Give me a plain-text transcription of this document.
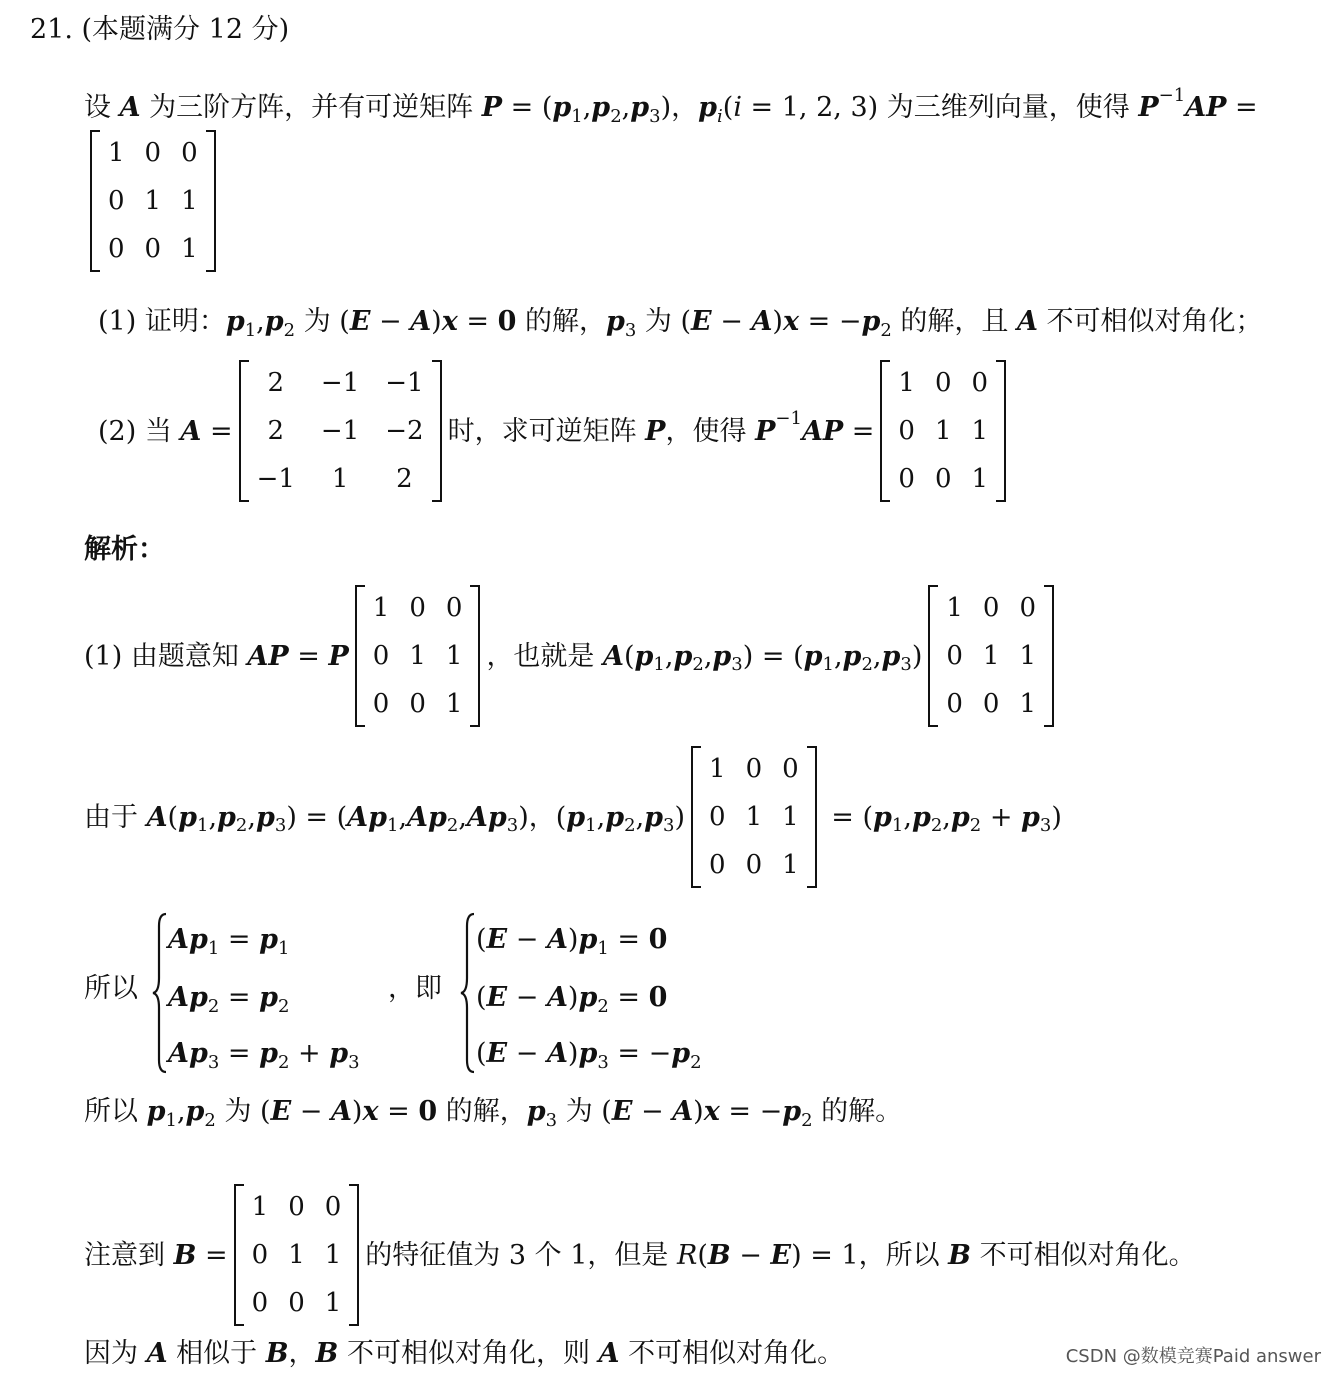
21. (本题满分 12 分)
设 A 为三阶方阵，并有可逆矩阵 P = ( p 1 , p 2 , p 3 )， p i ( i = 1, 2, 3) 为三维列向量，使得 P −1 AP =
1 0 0
0 1 1
0 0 1
(1) 证明： p 1 , p 2 为 ( E − A ) x = 0 的解， p 3 为 ( E − A ) x = − p 2 的解，且 A 不可相似对角化；
(2) 当 A =
2	−1 −1
2	−1 −2
−1	1	2
时，求可逆矩阵 P ，使得 P −1 AP =
1 0 0
0 1 1
0 0 1
解析：
(1) 由题意知 AP = P
1 0 0
0 1 1
0 0 1
，也就是 A ( p 1 , p 2 , p 3 ) = ( p 1 , p 2 , p 3 )
1 0 0
0 1 1
0 0 1
由于 A ( p 1 , p 2 , p 3 ) = ( Ap 1 , Ap 2 , Ap 3 )，( p 1 , p 2 , p 3 )
1 0 0
0 1 1
0 0 1
= ( p 1 , p 2 , p 2 + p 3 )
所以
Ap 1 = p 1
Ap 2 = p 2
Ap 3 = p 2 + p 3
，即
( E − A ) p 1 = 0
( E − A ) p 2 = 0
( E − A ) p 3 = − p 2
所以 p 1 , p 2 为 ( E − A ) x = 0 的解， p 3 为 ( E − A ) x = − p 2 的解。
注意到 B =
1 0 0
0 1 1
0 0 1
的特征值为 3 个 1，但是 R ( B − E ) = 1，所以 B 不可相似对角化。
因为 A 相似于 B ， B 不可相似对角化，则 A 不可相似对角化。	CSDN @数模竞赛Paid answer
